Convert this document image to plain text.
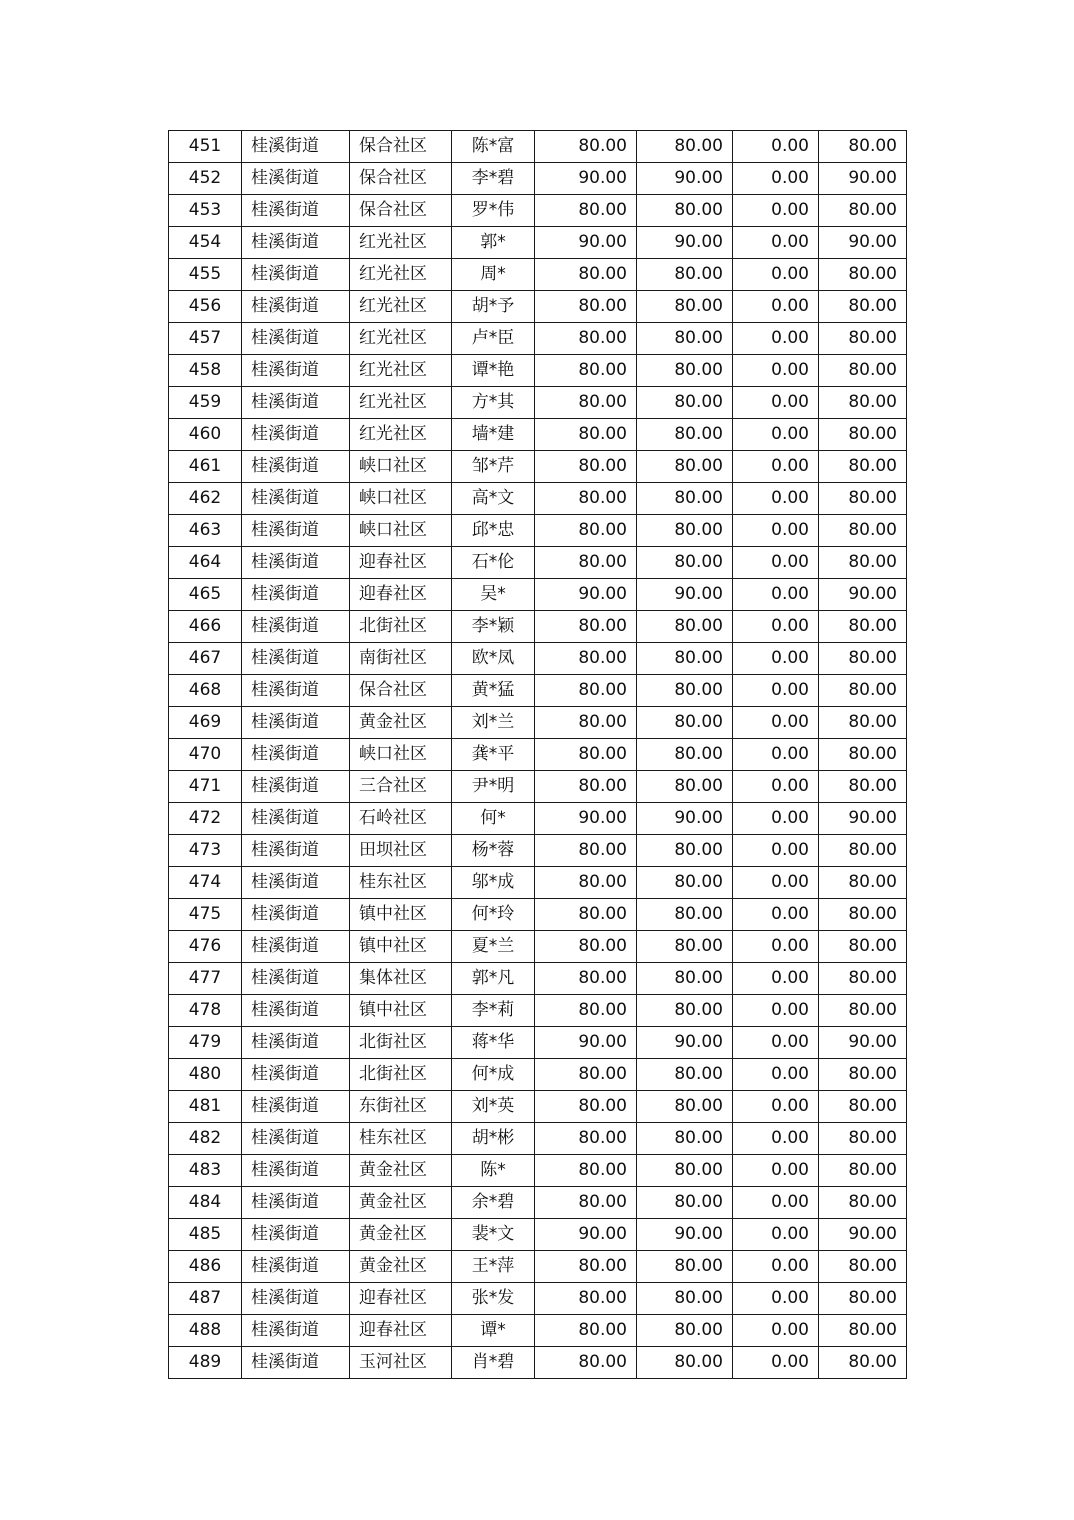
451	桂溪街道	保合社区	陈*富	80.00	80.00	0.00	80.00
452	桂溪街道	保合社区	李*碧	90.00	90.00	0.00	90.00
453	桂溪街道	保合社区	罗*伟	80.00	80.00	0.00	80.00
454	桂溪街道	红光社区	郭*	90.00	90.00	0.00	90.00
455	桂溪街道	红光社区	周*	80.00	80.00	0.00	80.00
456	桂溪街道	红光社区	胡*予	80.00	80.00	0.00	80.00
457	桂溪街道	红光社区	卢*臣	80.00	80.00	0.00	80.00
458	桂溪街道	红光社区	谭*艳	80.00	80.00	0.00	80.00
459	桂溪街道	红光社区	方*其	80.00	80.00	0.00	80.00
460	桂溪街道	红光社区	墙*建	80.00	80.00	0.00	80.00
461	桂溪街道	峡口社区	邹*芹	80.00	80.00	0.00	80.00
462	桂溪街道	峡口社区	高*文	80.00	80.00	0.00	80.00
463	桂溪街道	峡口社区	邱*忠	80.00	80.00	0.00	80.00
464	桂溪街道	迎春社区	石*伦	80.00	80.00	0.00	80.00
465	桂溪街道	迎春社区	吴*	90.00	90.00	0.00	90.00
466	桂溪街道	北街社区	李*颖	80.00	80.00	0.00	80.00
467	桂溪街道	南街社区	欧*凤	80.00	80.00	0.00	80.00
468	桂溪街道	保合社区	黄*猛	80.00	80.00	0.00	80.00
469	桂溪街道	黄金社区	刘*兰	80.00	80.00	0.00	80.00
470	桂溪街道	峡口社区	龚*平	80.00	80.00	0.00	80.00
471	桂溪街道	三合社区	尹*明	80.00	80.00	0.00	80.00
472	桂溪街道	石岭社区	何*	90.00	90.00	0.00	90.00
473	桂溪街道	田坝社区	杨*蓉	80.00	80.00	0.00	80.00
474	桂溪街道	桂东社区	邬*成	80.00	80.00	0.00	80.00
475	桂溪街道	镇中社区	何*玲	80.00	80.00	0.00	80.00
476	桂溪街道	镇中社区	夏*兰	80.00	80.00	0.00	80.00
477	桂溪街道	集体社区	郭*凡	80.00	80.00	0.00	80.00
478	桂溪街道	镇中社区	李*莉	80.00	80.00	0.00	80.00
479	桂溪街道	北街社区	蒋*华	90.00	90.00	0.00	90.00
480	桂溪街道	北街社区	何*成	80.00	80.00	0.00	80.00
481	桂溪街道	东街社区	刘*英	80.00	80.00	0.00	80.00
482	桂溪街道	桂东社区	胡*彬	80.00	80.00	0.00	80.00
483	桂溪街道	黄金社区	陈*	80.00	80.00	0.00	80.00
484	桂溪街道	黄金社区	余*碧	80.00	80.00	0.00	80.00
485	桂溪街道	黄金社区	裴*文	90.00	90.00	0.00	90.00
486	桂溪街道	黄金社区	王*萍	80.00	80.00	0.00	80.00
487	桂溪街道	迎春社区	张*发	80.00	80.00	0.00	80.00
488	桂溪街道	迎春社区	谭*	80.00	80.00	0.00	80.00
489	桂溪街道	玉河社区	肖*碧	80.00	80.00	0.00	80.00
